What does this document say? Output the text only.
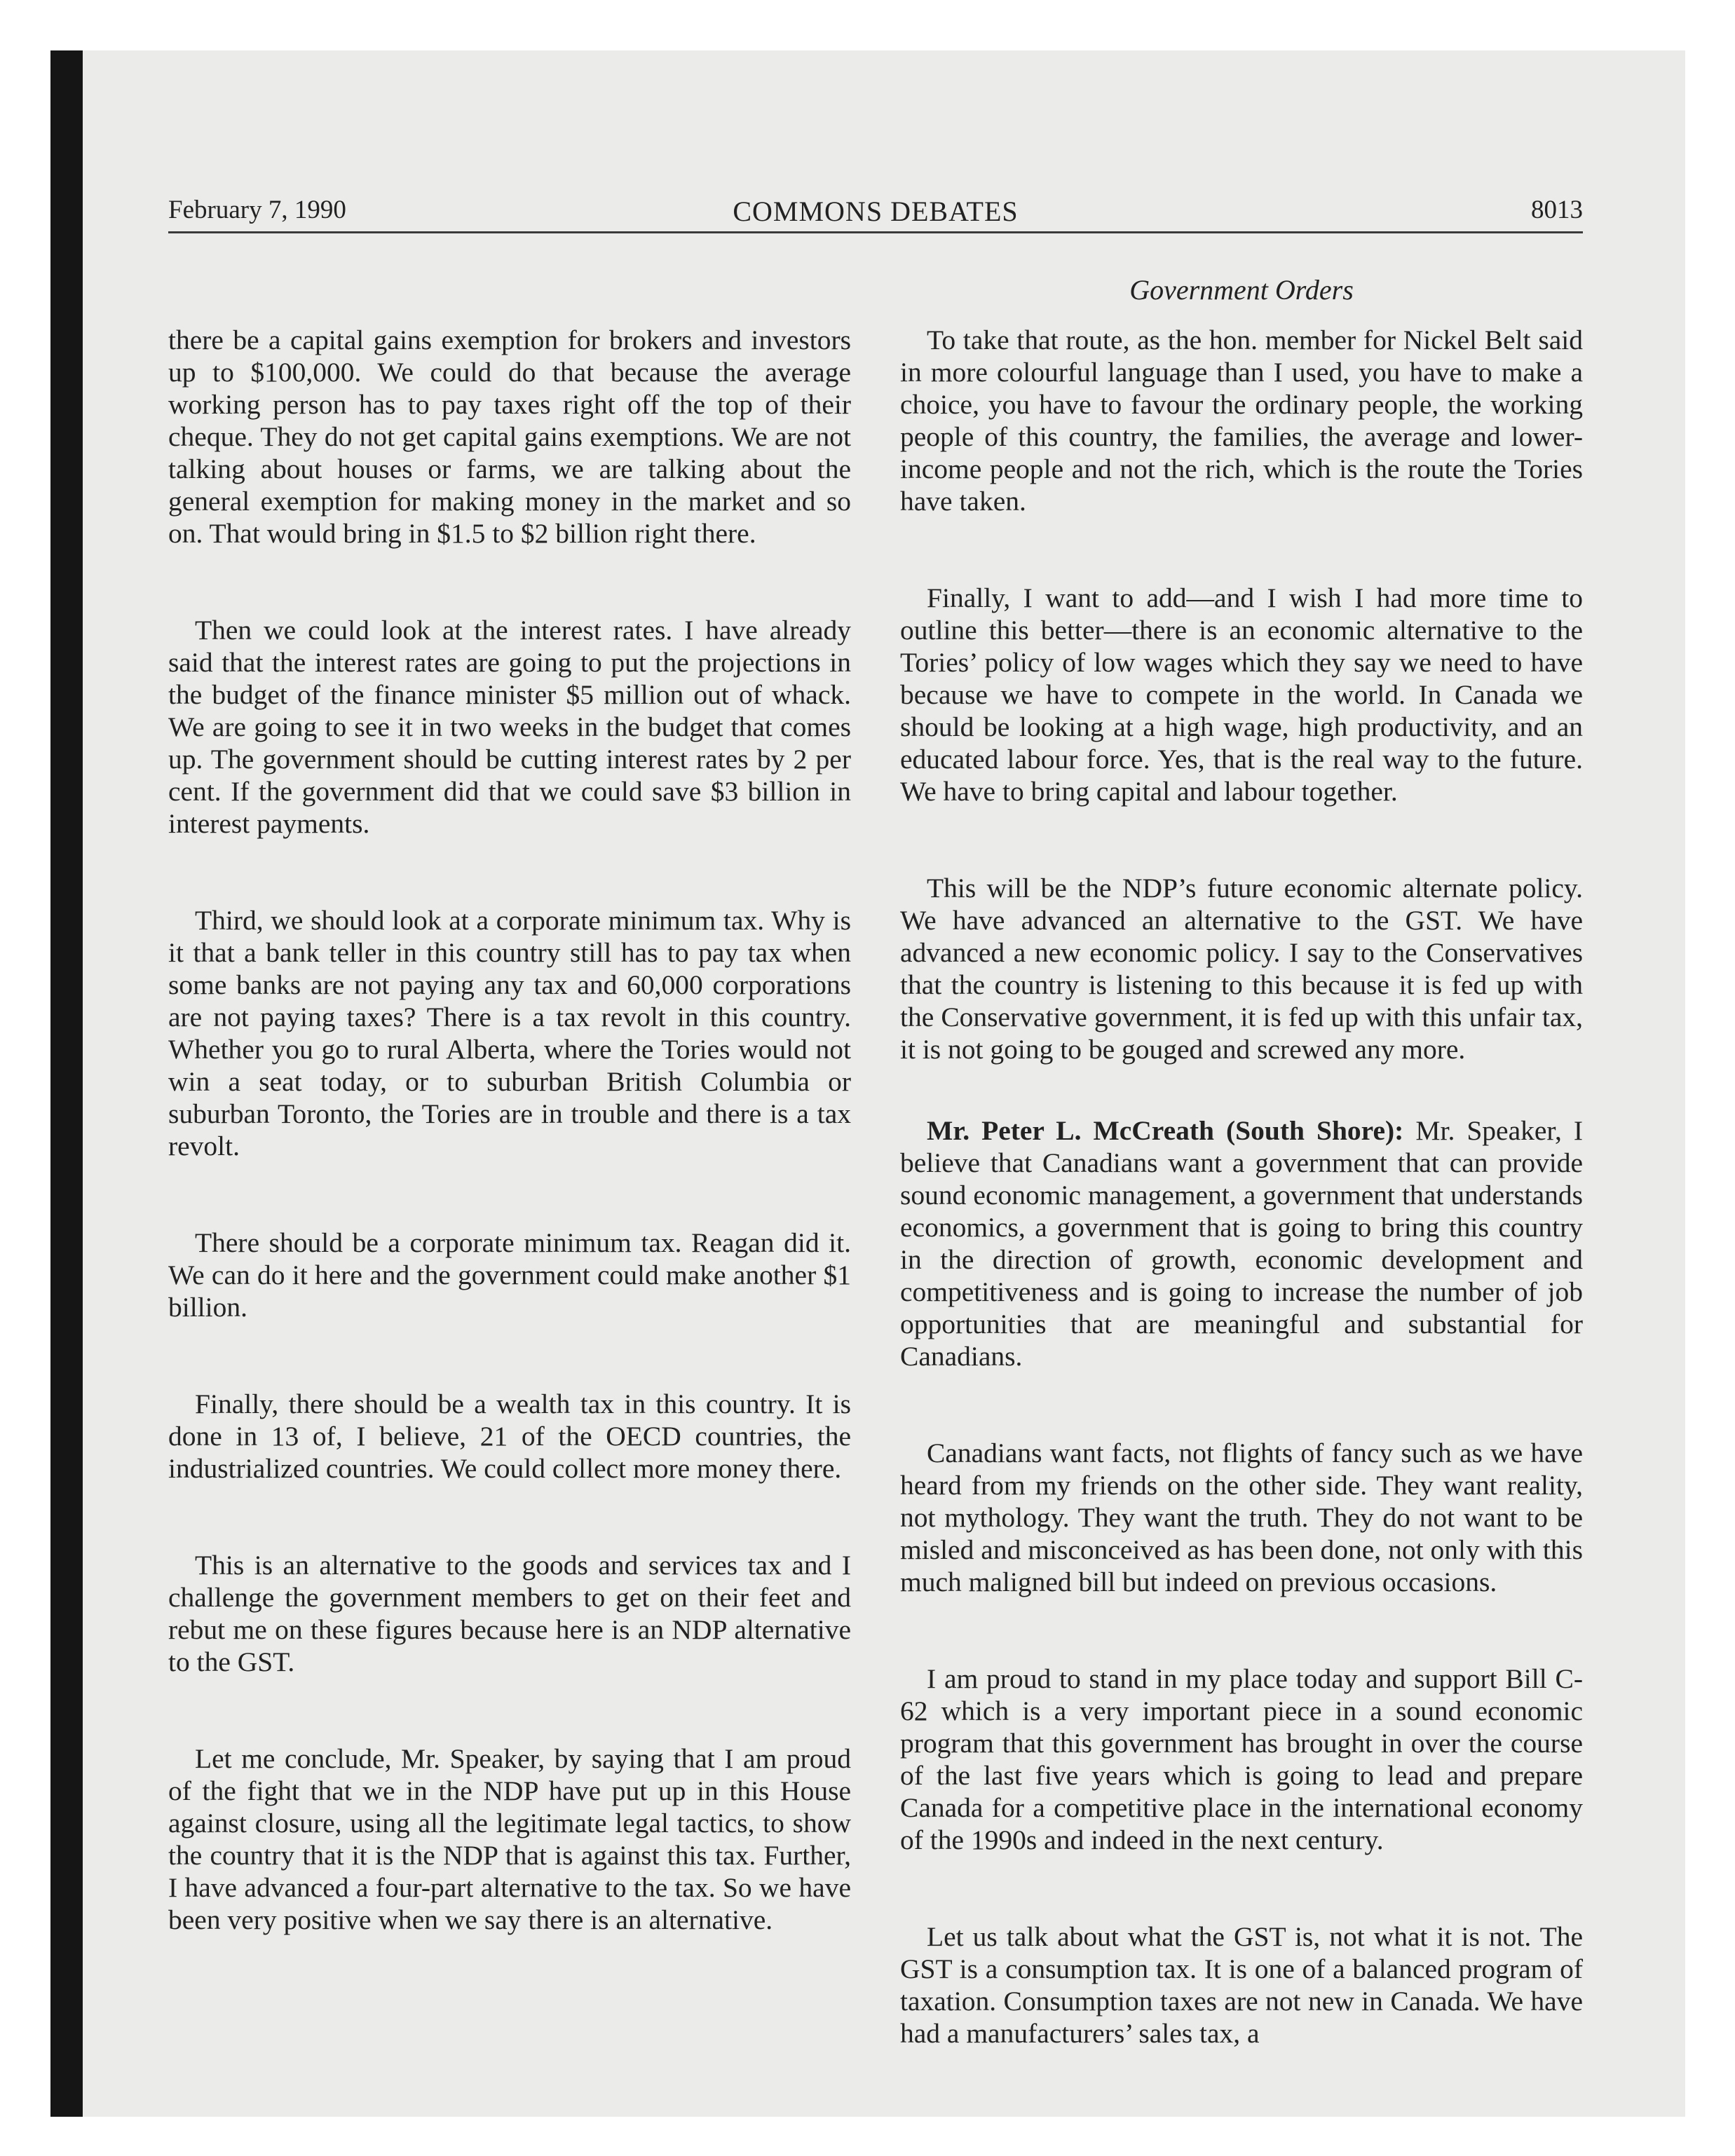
February 7, 1990	COMMONS DEBATES	8013
Government Orders

there be a capital gains exemption for brokers and investors up to $100,000. We could do that because the average working person has to pay taxes right off the top of their cheque. They do not get capital gains exemptions. We are not talking about houses or farms, we are talking about the general exemption for making money in the market and so on. That would bring in $1.5 to $2 billion right there.

Then we could look at the interest rates. I have already said that the interest rates are going to put the projections in the budget of the finance minister $5 million out of whack. We are going to see it in two weeks in the budget that comes up. The government should be cutting interest rates by 2 per cent. If the government did that we could save $3 billion in interest payments.

Third, we should look at a corporate minimum tax. Why is it that a bank teller in this country still has to pay tax when some banks are not paying any tax and 60,000 corporations are not paying taxes? There is a tax revolt in this country. Whether you go to rural Alberta, where the Tories would not win a seat today, or to suburban British Columbia or suburban Toronto, the Tories are in trouble and there is a tax revolt.

There should be a corporate minimum tax. Reagan did it. We can do it here and the government could make another $1 billion.

Finally, there should be a wealth tax in this country. It is done in 13 of, I believe, 21 of the OECD countries, the industrialized countries. We could collect more money there.

This is an alternative to the goods and services tax and I challenge the government members to get on their feet and rebut me on these figures because here is an NDP alternative to the GST.

Let me conclude, Mr. Speaker, by saying that I am proud of the fight that we in the NDP have put up in this House against closure, using all the legitimate legal tactics, to show the country that it is the NDP that is against this tax. Further, I have advanced a four-part alternative to the tax. So we have been very positive when we say there is an alternative.

To take that route, as the hon. member for Nickel Belt said in more colourful language than I used, you have to make a choice, you have to favour the ordinary people, the working people of this country, the families, the average and lower-income people and not the rich, which is the route the Tories have taken.

Finally, I want to add—and I wish I had more time to outline this better—there is an economic alternative to the Tories’ policy of low wages which they say we need to have because we have to compete in the world. In Canada we should be looking at a high wage, high productivity, and an educated labour force. Yes, that is the real way to the future. We have to bring capital and labour together.

This will be the NDP’s future economic alternate policy. We have advanced an alternative to the GST. We have advanced a new economic policy. I say to the Conservatives that the country is listening to this because it is fed up with the Conservative government, it is fed up with this unfair tax, it is not going to be gouged and screwed any more.

Mr. Peter L. McCreath (South Shore): Mr. Speaker, I believe that Canadians want a government that can provide sound economic management, a government that understands economics, a government that is going to bring this country in the direction of growth, economic development and competitiveness and is going to increase the number of job opportunities that are meaningful and substantial for Canadians.

Canadians want facts, not flights of fancy such as we have heard from my friends on the other side. They want reality, not mythology. They want the truth. They do not want to be misled and misconceived as has been done, not only with this much maligned bill but indeed on previous occasions.

I am proud to stand in my place today and support Bill C-62 which is a very important piece in a sound economic program that this government has brought in over the course of the last five years which is going to lead and prepare Canada for a competitive place in the international economy of the 1990s and indeed in the next century.

Let us talk about what the GST is, not what it is not. The GST is a consumption tax. It is one of a balanced program of taxation. Consumption taxes are not new in Canada. We have had a manufacturers’ sales tax, a
